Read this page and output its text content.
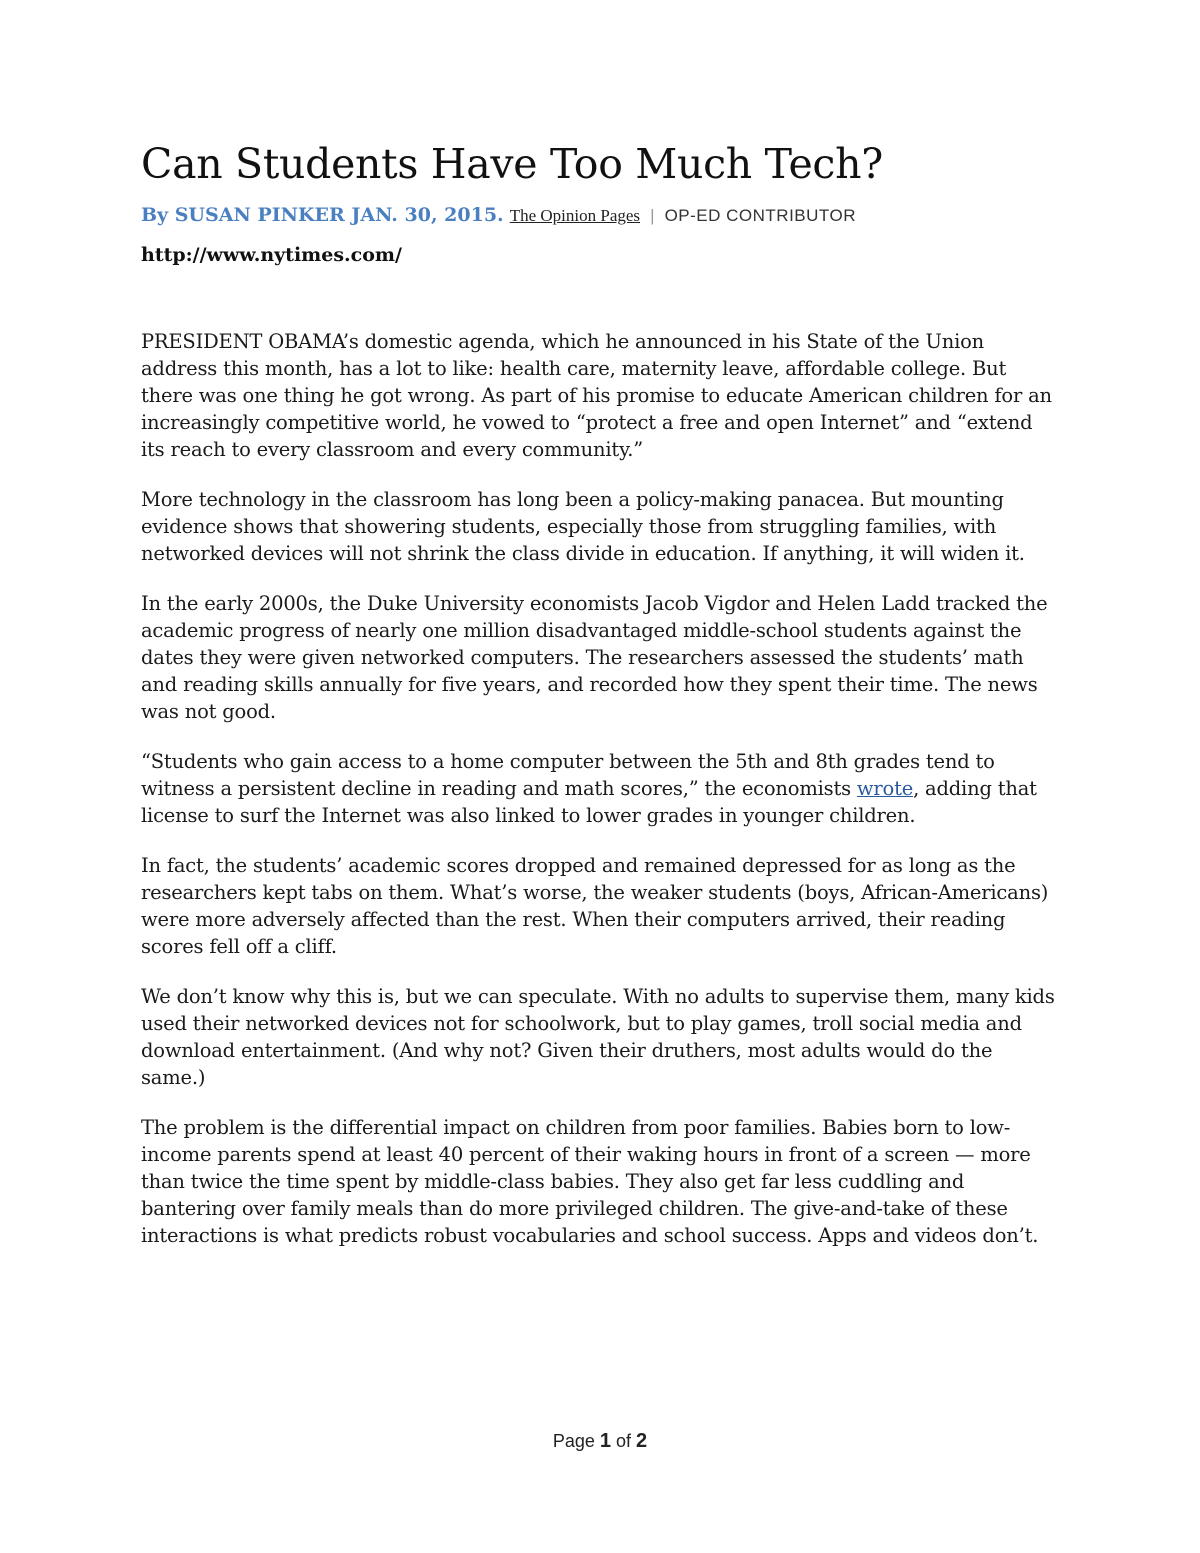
Can Students Have Too Much Tech?
By SUSAN PINKER JAN. 30, 2015. The Opinion Pages | OP-ED CONTRIBUTOR
http://www.nytimes.com/

PRESIDENT OBAMA’s domestic agenda, which he announced in his State of the Union address this month, has a lot to like: health care, maternity leave, affordable college. But there was one thing he got wrong. As part of his promise to educate American children for an increasingly competitive world, he vowed to “protect a free and open Internet” and “extend its reach to every classroom and every community.”

More technology in the classroom has long been a policy-making panacea. But mounting evidence shows that showering students, especially those from struggling families, with networked devices will not shrink the class divide in education. If anything, it will widen it.

In the early 2000s, the Duke University economists Jacob Vigdor and Helen Ladd tracked the academic progress of nearly one million disadvantaged middle-school students against the dates they were given networked computers. The researchers assessed the students’ math and reading skills annually for five years, and recorded how they spent their time. The news was not good.

“Students who gain access to a home computer between the 5th and 8th grades tend to witness a persistent decline in reading and math scores,” the economists wrote, adding that license to surf the Internet was also linked to lower grades in younger children.

In fact, the students’ academic scores dropped and remained depressed for as long as the researchers kept tabs on them. What’s worse, the weaker students (boys, African-Americans) were more adversely affected than the rest. When their computers arrived, their reading scores fell off a cliff.

We don’t know why this is, but we can speculate. With no adults to supervise them, many kids used their networked devices not for schoolwork, but to play games, troll social media and download entertainment. (And why not? Given their druthers, most adults would do the same.)

The problem is the differential impact on children from poor families. Babies born to low-income parents spend at least 40 percent of their waking hours in front of a screen — more than twice the time spent by middle-class babies. They also get far less cuddling and bantering over family meals than do more privileged children. The give-and-take of these interactions is what predicts robust vocabularies and school success. Apps and videos don’t.

Page 1 of 2
